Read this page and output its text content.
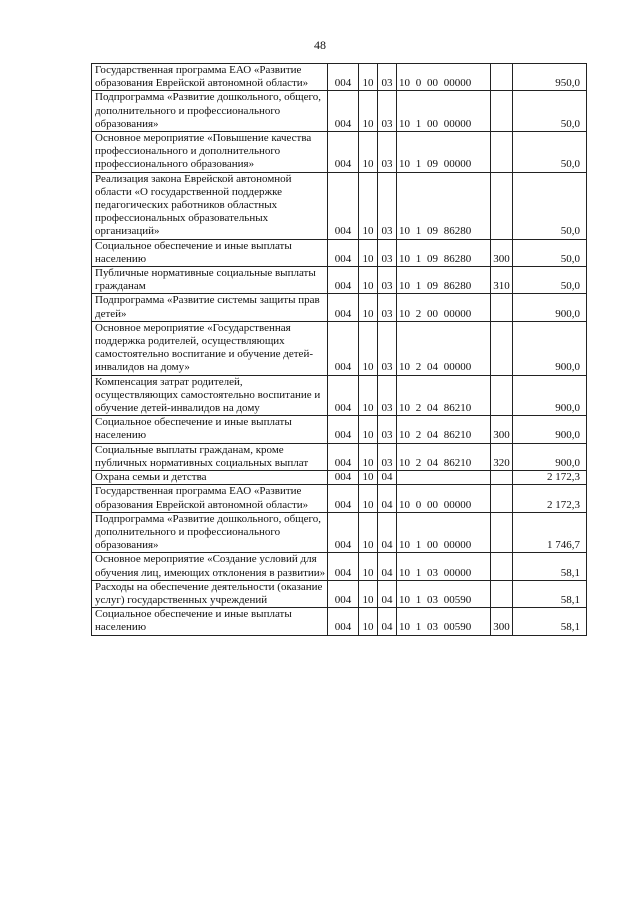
48
Государственная программа ЕАО «Развитие образования Еврейской автономной области»	004	10	03	10 0 00 00000		950,0
Подпрограмма «Развитие дошкольного, общего, дополнительного и профессионального образования»	004	10	03	10 1 00 00000		50,0
Основное мероприятие «Повышение качества профессионального и дополнительного профессионального образования»	004	10	03	10 1 09 00000		50,0
Реализация закона Еврейской автономной области «О государственной поддержке педагогических работников областных профессиональных образовательных организаций»	004	10	03	10 1 09 86280		50,0
Социальное обеспечение и иные выплаты населению	004	10	03	10 1 09 86280	300	50,0
Публичные нормативные социальные выплаты гражданам	004	10	03	10 1 09 86280	310	50,0
Подпрограмма «Развитие системы защиты прав детей»	004	10	03	10 2 00 00000		900,0
Основное мероприятие «Государственная поддержка родителей, осуществляющих самостоятельно воспитание и обучение детей-инвалидов на дому»	004	10	03	10 2 04 00000		900,0
Компенсация затрат родителей, осуществляющих самостоятельно воспитание и обучение детей-инвалидов на дому	004	10	03	10 2 04 86210		900,0
Социальное обеспечение и иные выплаты населению	004	10	03	10 2 04 86210	300	900,0
Социальные выплаты гражданам, кроме публичных нормативных социальных выплат	004	10	03	10 2 04 86210	320	900,0
Охрана семьи и детства	004	10	04			2 172,3
Государственная программа ЕАО «Развитие образования Еврейской автономной области»	004	10	04	10 0 00 00000		2 172,3
Подпрограмма «Развитие дошкольного, общего, дополнительного и профессионального образования»	004	10	04	10 1 00 00000		1 746,7
Основное мероприятие «Создание условий для обучения лиц, имеющих отклонения в развитии»	004	10	04	10 1 03 00000		58,1
Расходы на обеспечение деятельности (оказание услуг) государственных учреждений	004	10	04	10 1 03 00590		58,1
Социальное обеспечение и иные выплаты населению	004	10	04	10 1 03 00590	300	58,1
